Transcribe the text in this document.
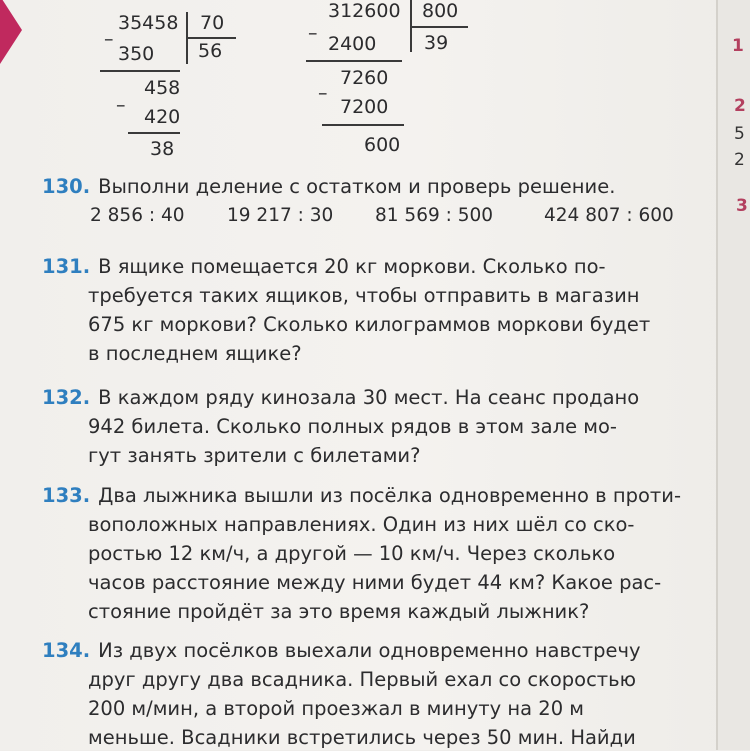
1
2
5
2
3
–
35458 70
56
350
458
–
420
38
–
312600 800
39
2400
7260
–
7200
600
130. Выполни деление с остатком и проверь решение.
2 856 : 40 19 217 : 30 81 569 : 500	424 807 : 600
131. В ящике помещается 20 кг моркови. Сколько по-
требуется таких ящиков, чтобы отправить в магазин
675 кг моркови? Сколько килограммов моркови будет
в последнем ящике?
132. В каждом ряду кинозала 30 мест. На сеанс продано
942 билета. Сколько полных рядов в этом зале мо-
гут занять зрители с билетами?
133. Два лыжника вышли из посёлка одновременно в проти-
воположных направлениях. Один из них шёл со ско-
ростью 12 км/ч, а другой — 10 км/ч. Через сколько
часов расстояние между ними будет 44 км? Какое рас-
стояние пройдёт за это время каждый лыжник?
134. Из двух посёлков выехали одновременно навстречу
друг другу два всадника. Первый ехал со скоростью
200 м/мин, а второй проезжал в минуту на 20 м
меньше. Всадники встретились через 50 мин. Найди
